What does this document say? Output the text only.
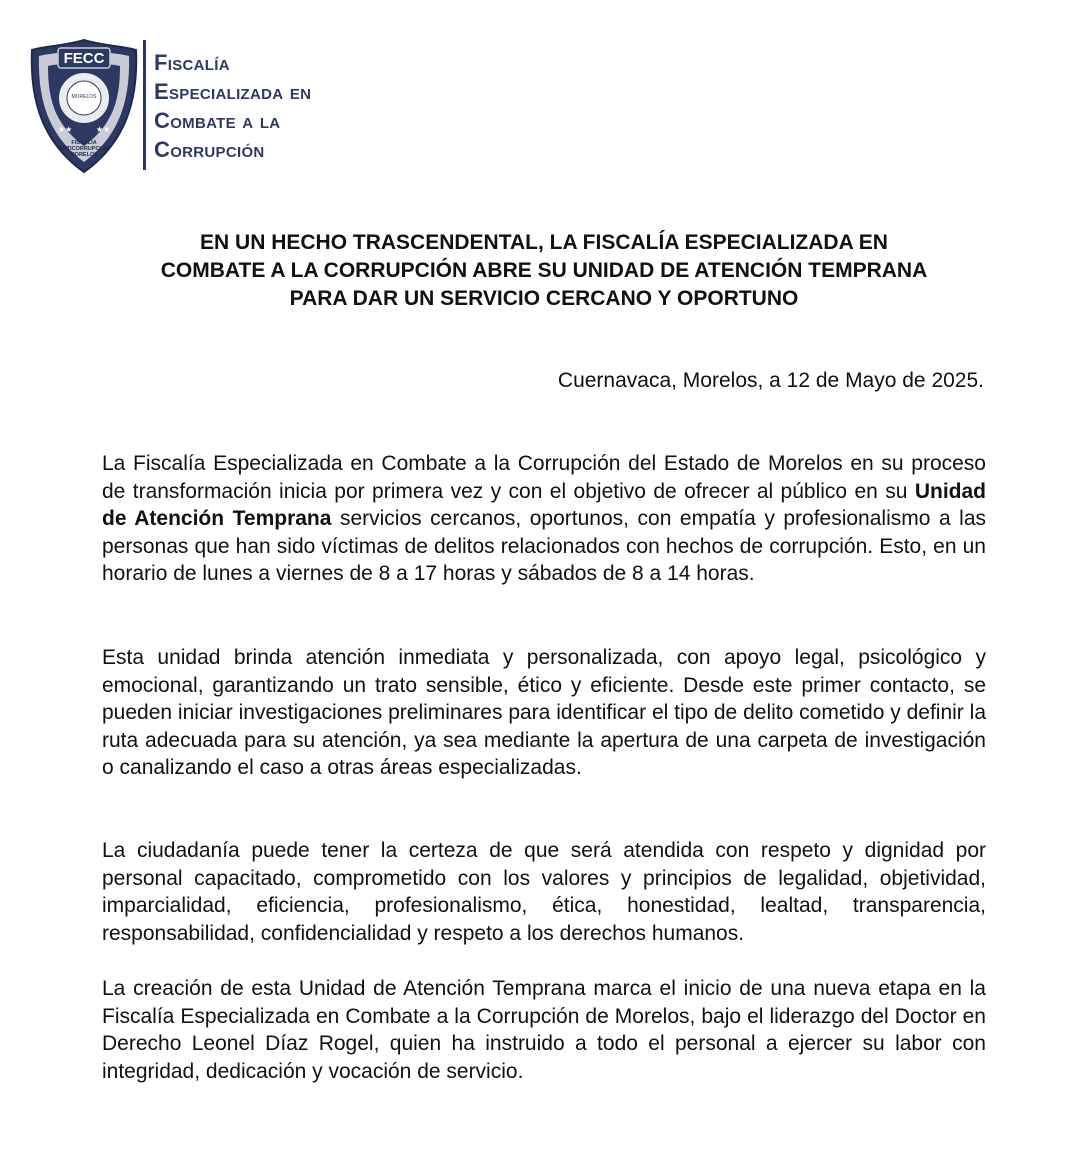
★★	★★
FECC
MORELOS
FISCALÍA
ANTICORRUPCIÓN
MORELOS
Fiscalía
Especializada en
Combate a la
Corrupción
EN UN HECHO TRASCENDENTAL, LA FISCALÍA ESPECIALIZADA EN
COMBATE A LA CORRUPCIÓN ABRE SU UNIDAD DE ATENCIÓN TEMPRANA
PARA DAR UN SERVICIO CERCANO Y OPORTUNO
Cuernavaca, Morelos, a 12 de Mayo de 2025.

La Fiscalía Especializada en Combate a la Corrupción del Estado de Morelos en su proceso de transformación inicia por primera vez y con el objetivo de ofrecer al público en su Unidad de Atención Temprana servicios cercanos, oportunos, con empatía y profesionalismo a las personas que han sido víctimas de delitos relacionados con hechos de corrupción. Esto, en un horario de lunes a viernes de 8 a 17 horas y sábados de 8 a 14 horas.

Esta unidad brinda atención inmediata y personalizada, con apoyo legal, psicológico y emocional, garantizando un trato sensible, ético y eficiente. Desde este primer contacto, se pueden iniciar investigaciones preliminares para identificar el tipo de delito cometido y definir la ruta adecuada para su atención, ya sea mediante la apertura de una carpeta de investigación o canalizando el caso a otras áreas especializadas.

La ciudadanía puede tener la certeza de que será atendida con respeto y dignidad por personal capacitado, comprometido con los valores y principios de legalidad, objetividad, imparcialidad, eficiencia, profesionalismo, ética, honestidad, lealtad, transparencia, responsabilidad, confidencialidad y respeto a los derechos humanos.

La creación de esta Unidad de Atención Temprana marca el inicio de una nueva etapa en la Fiscalía Especializada en Combate a la Corrupción de Morelos, bajo el liderazgo del Doctor en Derecho Leonel Díaz Rogel, quien ha instruido a todo el personal a ejercer su labor con integridad, dedicación y vocación de servicio.
